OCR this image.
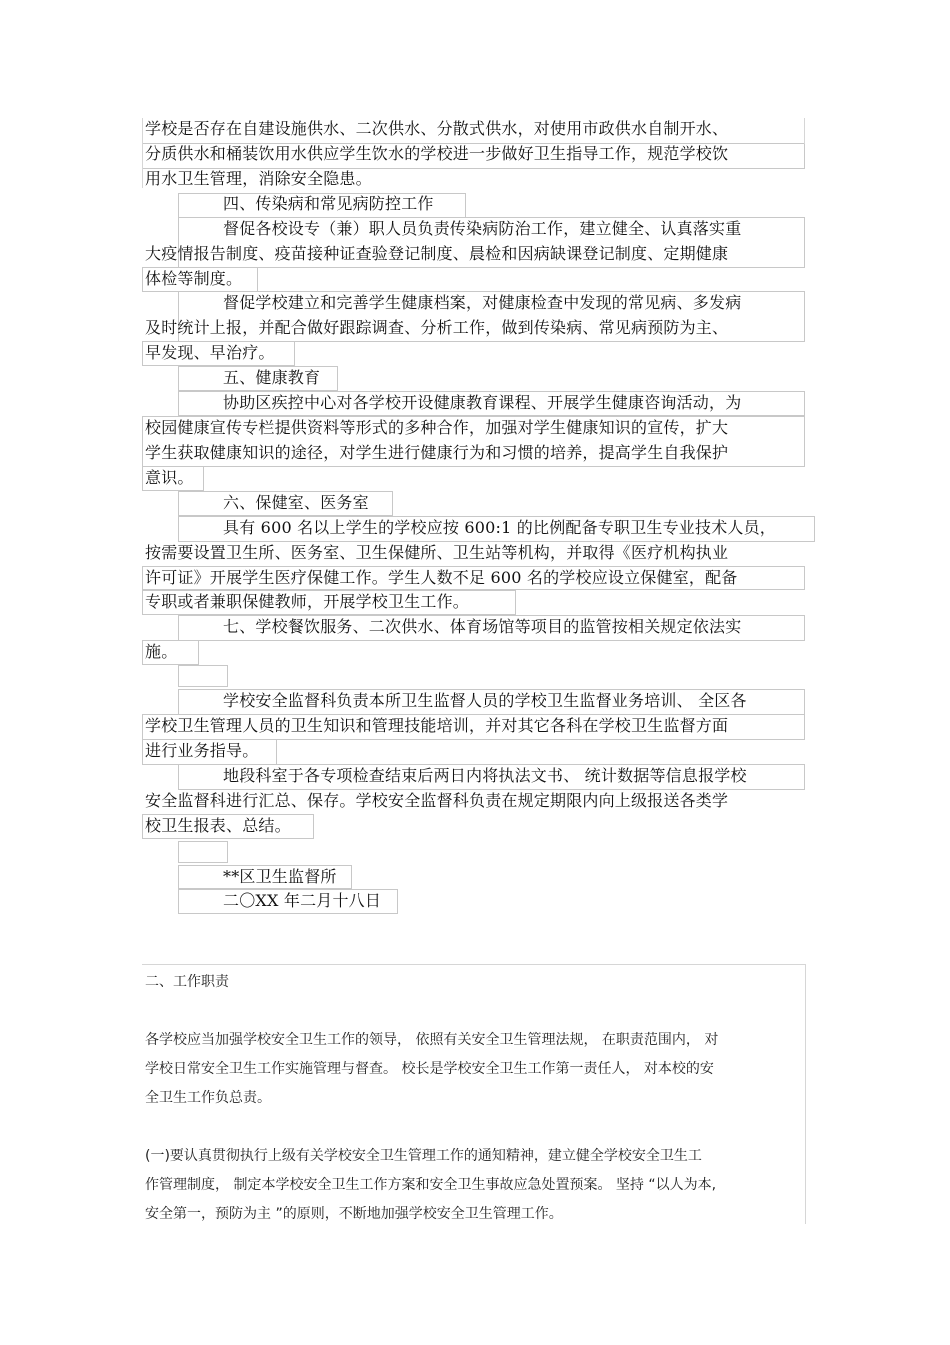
学校是否存在自建设施供水、二次供水、分散式供水，对使用市政供水自制开水、
分质供水和桶装饮用水供应学生饮水的学校进一步做好卫生指导工作，规范学校饮
用水卫生管理，消除安全隐患。
四、传染病和常见病防控工作
督促各校设专（兼）职人员负责传染病防治工作，建立健全、认真落实重
大疫情报告制度、疫苗接种证查验登记制度、晨检和因病缺课登记制度、定期健康
体检等制度。
督促学校建立和完善学生健康档案，对健康检查中发现的常见病、多发病
及时统计上报，并配合做好跟踪调查、分析工作，做到传染病、常见病预防为主、
早发现、早治疗。
五、健康教育
协助区疾控中心对各学校开设健康教育课程、开展学生健康咨询活动，为
校园健康宣传专栏提供资料等形式的多种合作，加强对学生健康知识的宣传，扩大
学生获取健康知识的途径，对学生进行健康行为和习惯的培养，提高学生自我保护
意识。
六、保健室、医务室
具有 600 名以上学生的学校应按 600:1 的比例配备专职卫生专业技术人员，
按需要设置卫生所、医务室、卫生保健所、卫生站等机构，并取得《医疗机构执业
许可证》开展学生医疗保健工作。学生人数不足 600 名的学校应设立保健室，配备
专职或者兼职保健教师，开展学校卫生工作。
七、学校餐饮服务、二次供水、体育场馆等项目的监管按相关规定依法实
施。
学校安全监督科负责本所卫生监督人员的学校卫生监督业务培训、 全区各
学校卫生管理人员的卫生知识和管理技能培训，并对其它各科在学校卫生监督方面
进行业务指导。
地段科室于各专项检查结束后两日内将执法文书、 统计数据等信息报学校
安全监督科进行汇总、保存。学校安全监督科负责在规定期限内向上级报送各类学
校卫生报表、总结。
**区卫生监督所
二〇XX 年二月十八日
二、工作职责
各学校应当加强学校安全卫生工作的领导， 依照有关安全卫生管理法规， 在职责范围内， 对
学校日常安全卫生工作实施管理与督查。 校长是学校安全卫生工作第一责任人， 对本校的安
全卫生工作负总责。
(一)要认真贯彻执行上级有关学校安全卫生管理工作的通知精神，建立健全学校安全卫生工
作管理制度， 制定本学校安全卫生工作方案和安全卫生事故应急处置预案。 坚持 “以人为本,
安全第一，预防为主 ”的原则，不断地加强学校安全卫生管理工作。
